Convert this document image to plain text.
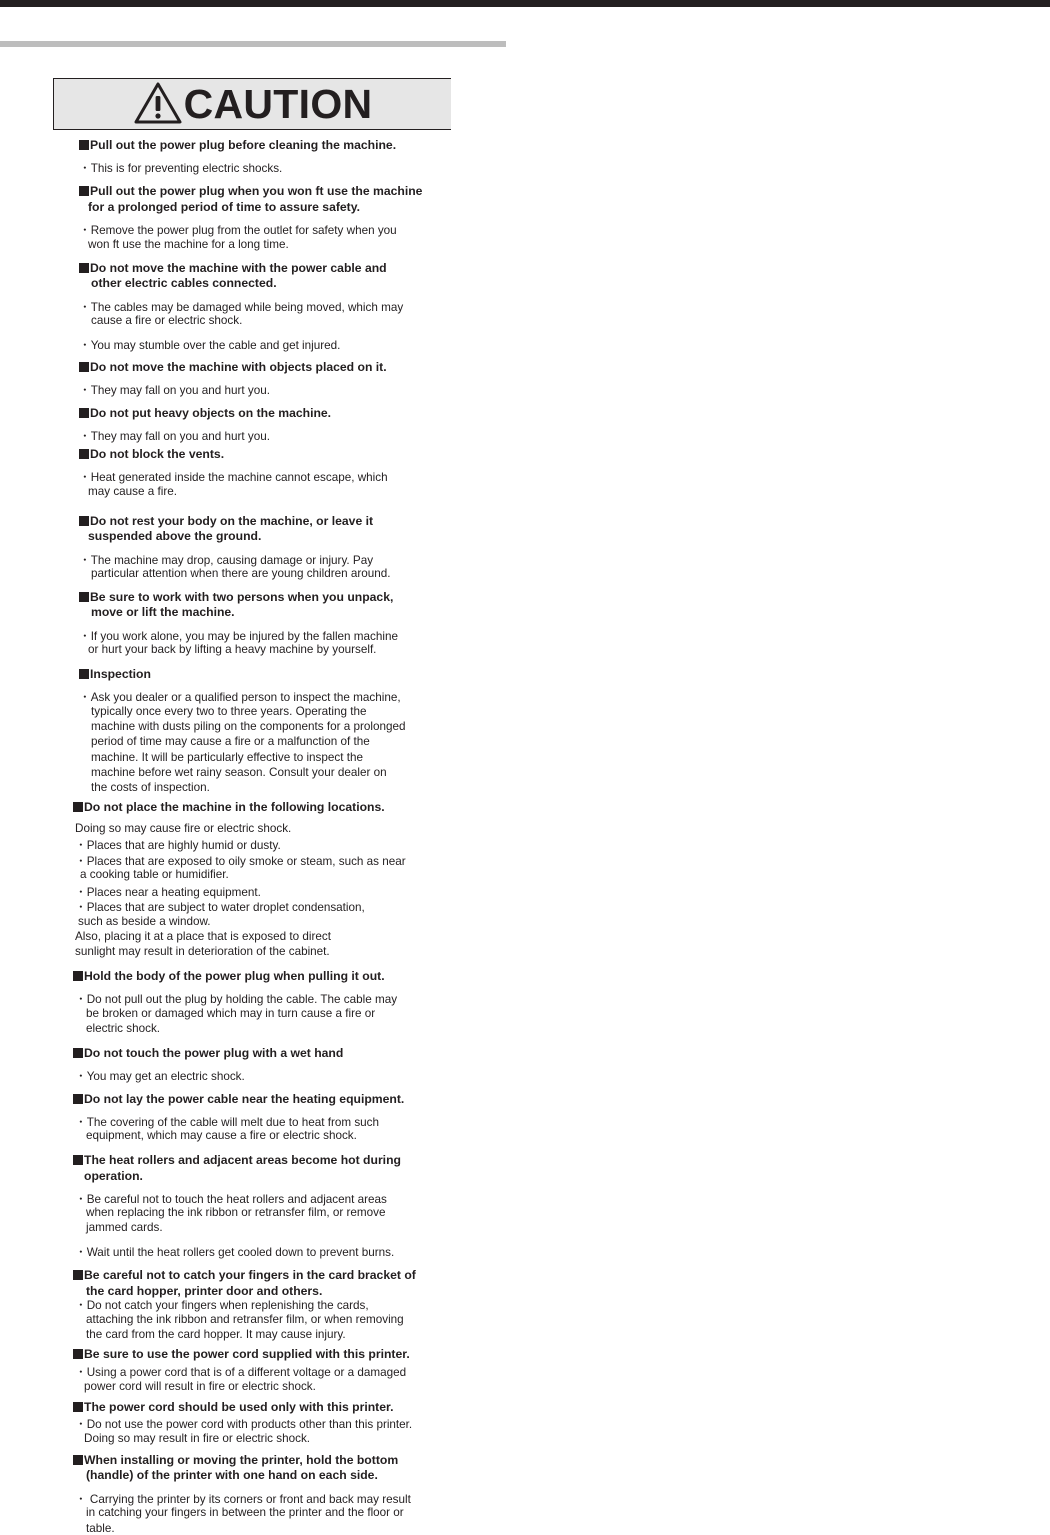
CAUTION
Pull out the power plug before cleaning the machine.
・This is for preventing electric shocks.
Pull out the power plug when you won ft use the machine
for a prolonged period of time to assure safety.
・Remove the power plug from the outlet for safety when you
won ft use the machine for a long time.
Do not move the machine with the power cable and
other electric cables connected.
・The cables may be damaged while being moved, which may
cause a fire or electric shock.
・You may stumble over the cable and get injured.
Do not move the machine with objects placed on it.
・They may fall on you and hurt you.
Do not put heavy objects on the machine.
・They may fall on you and hurt you.
Do not block the vents.
・Heat generated inside the machine cannot escape, which
may cause a fire.
Do not rest your body on the machine, or leave it
suspended above the ground.
・The machine may drop, causing damage or injury. Pay
particular attention when there are young children around.
Be sure to work with two persons when you unpack,
move or lift the machine.
・If you work alone, you may be injured by the fallen machine
or hurt your back by lifting a heavy machine by yourself.
Inspection
・Ask you dealer or a qualified person to inspect the machine,
typically once every two to three years. Operating the
machine with dusts piling on the components for a prolonged
period of time may cause a fire or a malfunction of the
machine. It will be particularly effective to inspect the
machine before wet rainy season. Consult your dealer on
the costs of inspection.
Do not place the machine in the following locations.
Doing so may cause fire or electric shock.
・Places that are highly humid or dusty.
・Places that are exposed to oily smoke or steam, such as near
a cooking table or humidifier.
・Places near a heating equipment.
・Places that are subject to water droplet condensation,
such as beside a window.
Also, placing it at a place that is exposed to direct
sunlight may result in deterioration of the cabinet.
Hold the body of the power plug when pulling it out.
・Do not pull out the plug by holding the cable. The cable may
be broken or damaged which may in turn cause a fire or
electric shock.
Do not touch the power plug with a wet hand
・You may get an electric shock.
Do not lay the power cable near the heating equipment.
・The covering of the cable will melt due to heat from such
equipment, which may cause a fire or electric shock.
The heat rollers and adjacent areas become hot during
operation.
・Be careful not to touch the heat rollers and adjacent areas
when replacing the ink ribbon or retransfer film, or remove
jammed cards.
・Wait until the heat rollers get cooled down to prevent burns.
Be careful not to catch your fingers in the card bracket of
the card hopper, printer door and others.
・Do not catch your fingers when replenishing the cards,
attaching the ink ribbon and retransfer film, or when removing
the card from the card hopper. It may cause injury.
Be sure to use the power cord supplied with this printer.
・Using a power cord that is of a different voltage or a damaged
power cord will result in fire or electric shock.
The power cord should be used only with this printer.
・Do not use the power cord with products other than this printer.
Doing so may result in fire or electric shock.
When installing or moving the printer, hold the bottom
(handle) of the printer with one hand on each side.
・ Carrying the printer by its corners or front and back may result
in catching your fingers in between the printer and the floor or
table.
